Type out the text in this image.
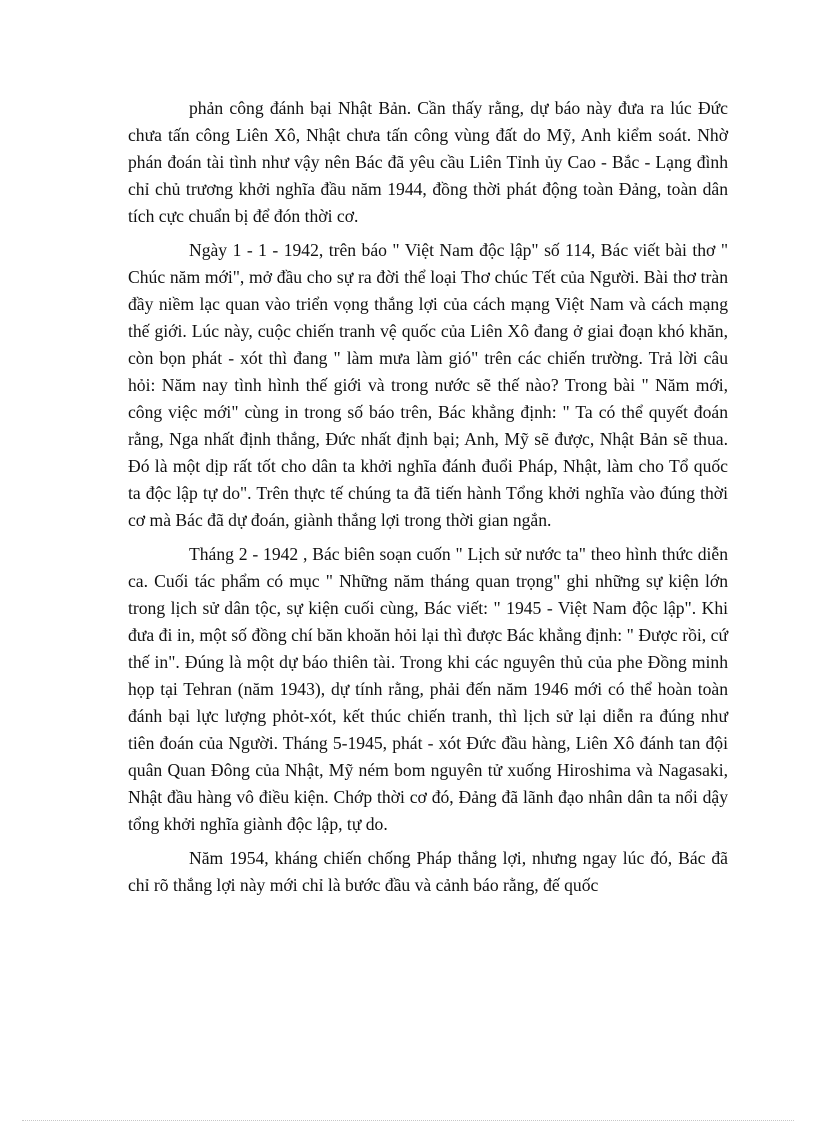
phản công đánh bại Nhật Bản. Cần thấy rằng, dự báo này đưa ra lúc Đức chưa tấn công Liên Xô, Nhật chưa tấn công vùng đất do Mỹ, Anh kiểm soát. Nhờ phán đoán tài tình như vậy nên Bác đã yêu cầu Liên Tỉnh ủy Cao - Bắc - Lạng đình chỉ chủ trương khởi nghĩa đầu năm 1944, đồng thời phát động toàn Đảng, toàn dân tích cực chuẩn bị để đón thời cơ.

Ngày 1 - 1 - 1942, trên báo " Việt Nam độc lập" số 114, Bác viết bài thơ " Chúc năm mới", mở đầu cho sự ra đời thể loại Thơ chúc Tết của Người. Bài thơ tràn đầy niềm lạc quan vào triển vọng thắng lợi của cách mạng Việt Nam và cách mạng thế giới. Lúc này, cuộc chiến tranh vệ quốc của Liên Xô đang ở giai đoạn khó khăn, còn bọn phát - xót thì đang " làm mưa làm gió" trên các chiến trường. Trả lời câu hỏi: Năm nay tình hình thế giới và trong nước sẽ thế nào? Trong bài " Năm mới, công việc mới" cùng in trong số báo trên, Bác khẳng định: " Ta có thể quyết đoán rằng, Nga nhất định thắng, Đức nhất định bại; Anh, Mỹ sẽ được, Nhật Bản sẽ thua. Đó là một dịp rất tốt cho dân ta khởi nghĩa đánh đuổi Pháp, Nhật, làm cho Tổ quốc ta độc lập tự do". Trên thực tế chúng ta đã tiến hành Tổng khởi nghĩa vào đúng thời cơ mà Bác đã dự đoán, giành thắng lợi trong thời gian ngắn.

Tháng 2 - 1942 , Bác biên soạn cuốn " Lịch sử nước ta" theo hình thức diễn ca. Cuối tác phẩm có mục " Những năm tháng quan trọng" ghi những sự kiện lớn trong lịch sử dân tộc, sự kiện cuối cùng, Bác viết: " 1945 - Việt Nam độc lập". Khi đưa đi in, một số đồng chí băn khoăn hỏi lại thì được Bác khẳng định: " Được rồi, cứ thế in". Đúng là một dự báo thiên tài. Trong khi các nguyên thủ của phe Đồng minh họp tại Tehran (năm 1943), dự tính rằng, phải đến năm 1946 mới có thể hoàn toàn đánh bại lực lượng phỏt-xót, kết thúc chiến tranh, thì lịch sử lại diễn ra đúng như tiên đoán của Người. Tháng 5-1945, phát - xót Đức đầu hàng, Liên Xô đánh tan đội quân Quan Đông của Nhật, Mỹ ném bom nguyên tử xuống Hiroshima và Nagasaki, Nhật đầu hàng vô điều kiện. Chớp thời cơ đó, Đảng đã lãnh đạo nhân dân ta nổi dậy tổng khởi nghĩa giành độc lập, tự do.

Năm 1954, kháng chiến chống Pháp thắng lợi, nhưng ngay lúc đó, Bác đã chỉ rõ thắng lợi này mới chỉ là bước đầu và cảnh báo rằng, đế quốc
